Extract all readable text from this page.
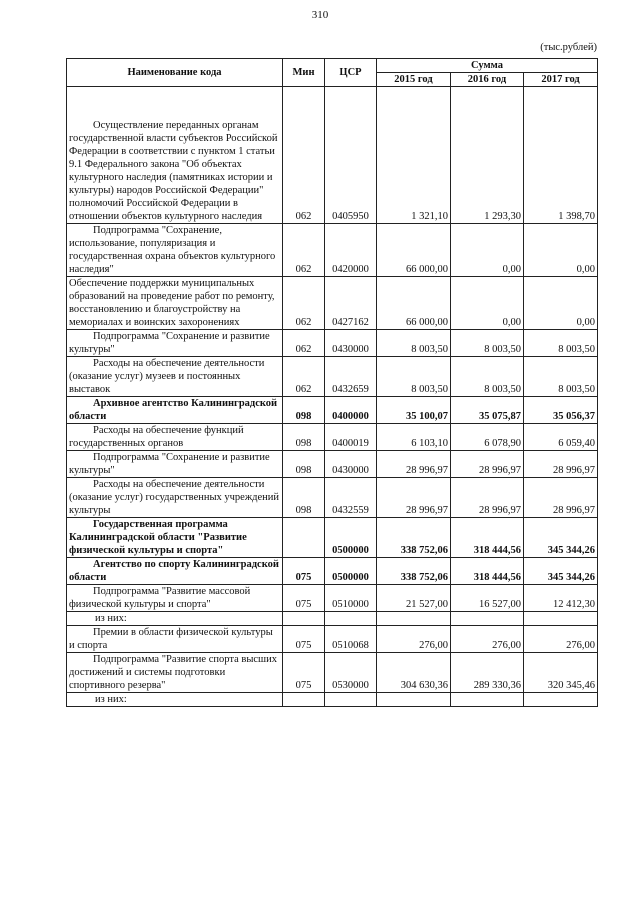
310
(тыс.рублей)
Наименование кода	Мин	ЦСР	Сумма		
			2015 год	2016 год	2017 год

Осуществление переданных органам государственной власти субъектов Российской Федерации в соответствии с пунктом 1 статьи 9.1 Федерального закона "Об объектах культурного наследия (памятниках истории и культуры) народов Российской Федерации" полномочий Российской Федерации в отношении объектов культурного наследия	062	0405950	1 321,10	1 293,30	1 398,70
Подпрограмма "Сохранение, использование, популяризация и государственная охрана объектов культурного наследия"	062	0420000	66 000,00	0,00	0,00
Обеспечение поддержки муниципальных образований на проведение работ по ремонту, восстановлению и благоустройству на мемориалах и воинских захоронениях	062	0427162	66 000,00	0,00	0,00
Подпрограмма "Сохранение и развитие культуры"	062	0430000	8 003,50	8 003,50	8 003,50
Расходы на обеспечение деятельности (оказание услуг) музеев и постоянных выставок	062	0432659	8 003,50	8 003,50	8 003,50
Архивное агентство Калининградской области	098	0400000	35 100,07	35 075,87	35 056,37
Расходы на обеспечение функций государственных органов	098	0400019	6 103,10	6 078,90	6 059,40
Подпрограмма "Сохранение и развитие культуры"	098	0430000	28 996,97	28 996,97	28 996,97
Расходы на обеспечение деятельности (оказание услуг) государственных учреждений культуры	098	0432559	28 996,97	28 996,97	28 996,97
Государственная программа Калининградской области "Развитие физической культуры и спорта"		0500000	338 752,06	318 444,56	345 344,26
Агентство по спорту Калининградской области	075	0500000	338 752,06	318 444,56	345 344,26
Подпрограмма "Развитие массовой физической культуры и спорта"	075	0510000	21 527,00	16 527,00	12 412,30
из них:					
Премии в области физической культуры и спорта	075	0510068	276,00	276,00	276,00
Подпрограмма "Развитие спорта высших достижений и системы подготовки спортивного резерва"	075	0530000	304 630,36	289 330,36	320 345,46
из них:					
